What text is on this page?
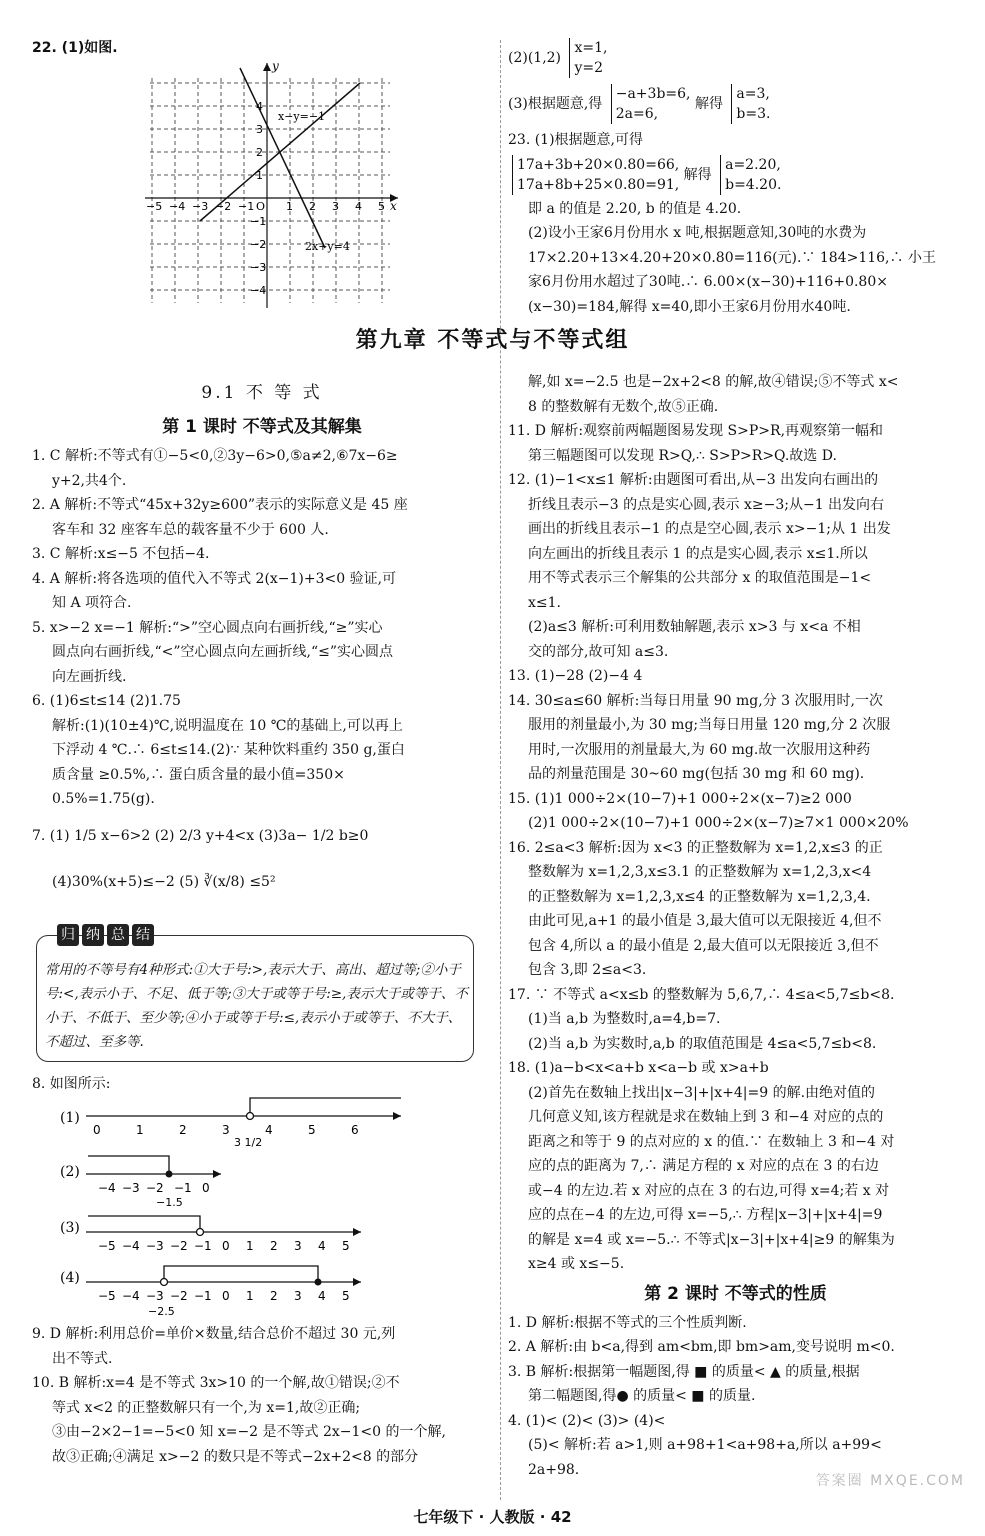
22. (1)如图.
y
x
O
x−y=−1
2x+y=4
−5 −4 −3 −2 −1	1 2 3 4 5
1
2
3
4
−1
−2
−3
−4
(2)(1,2) x=1,
y=2
(3)根据题意,得 −a+3b=6,
2a=6, 解得 a=3,
b=3.
23. (1)根据题意,可得
17a+3b+20×0.80=66,
17a+8b+25×0.80=91, 解得 a=2.20,
b=4.20.
即 a 的值是 2.20, b 的值是 4.20.
(2)设小王家6月份用水 x 吨,根据题意知,30吨的水费为
17×2.20+13×4.20+20×0.80=116(元).∵ 184>116,∴ 小王
家6月份用水超过了30吨.∴ 6.00×(x−30)+116+0.80×
(x−30)=184,解得 x=40,即小王家6月份用水40吨.
第九章 不等式与不等式组
9.1 不 等 式
第 1 课时 不等式及其解集
1. C 解析:不等式有①−5<0,②3y−6>0,⑤a≠2,⑥7x−6≥
y+2,共4个.
2. A 解析:不等式“45x+32y≥600”表示的实际意义是 45 座
客车和 32 座客车总的载客量不少于 600 人.
3. C 解析:x≤−5 不包括−4.
4. A 解析:将各选项的值代入不等式 2(x−1)+3<0 验证,可
知 A 项符合.
5. x>−2 x=−1 解析:“>”空心圆点向右画折线,“≥”实心
圆点向右画折线,“<”空心圆点向左画折线,“≤”实心圆点
向左画折线.
6. (1)6≤t≤14 (2)1.75
解析:(1)(10±4)℃,说明温度在 10 ℃的基础上,可以再上
下浮动 4 ℃.∴ 6≤t≤14.(2)∵ 某种饮料重约 350 g,蛋白
质含量 ≥0.5%,∴ 蛋白质含量的最小值=350×
0.5%=1.75(g).
7. (1) 1/5 x−6>2 (2) 2/3 y+4<x (3)3a− 1/2 b≥0
(4)30%(x+5)≤−2 (5) ∛(x/8) ≤5²
归 纳 总 结
常用的不等号有4种形式:①大于号:>,表示大于、高出、超过等;②小于号:<,表示小于、不足、低于等;③大于或等于号:≥,表示大于或等于、不小于、不低于、至少等;④小于或等于号:≤,表示小于或等于、不大于、不超过、至多等.
8. 如图所示:
(1)
0	1	2	3	4	5	6
3 1/2
(2)
−4 −3 −2 −1 0
−1.5
(3)
−5 −4 −3 −2 −1 0 1 2 3 4 5
(4)
−5 −4 −3 −2 −1 0 1 2 3 4 5
−2.5
9. D 解析:利用总价=单价×数量,结合总价不超过 30 元,列
出不等式.
10. B 解析:x=4 是不等式 3x>10 的一个解,故①错误;②不
等式 x<2 的正整数解只有一个,为 x=1,故②正确;
③由−2×2−1=−5<0 知 x=−2 是不等式 2x−1<0 的一个解,
故③正确;④满足 x>−2 的数只是不等式−2x+2<8 的部分
解,如 x=−2.5 也是−2x+2<8 的解,故④错误;⑤不等式 x<
8 的整数解有无数个,故⑤正确.
11. D 解析:观察前两幅题图易发现 S>P>R,再观察第一幅和
第三幅题图可以发现 R>Q,∴ S>P>R>Q.故选 D.
12. (1)−1<x≤1 解析:由题图可看出,从−3 出发向右画出的
折线且表示−3 的点是实心圆,表示 x≥−3;从−1 出发向右
画出的折线且表示−1 的点是空心圆,表示 x>−1;从 1 出发
向左画出的折线且表示 1 的点是实心圆,表示 x≤1.所以
用不等式表示三个解集的公共部分 x 的取值范围是−1<
x≤1.
(2)a≤3 解析:可利用数轴解题,表示 x>3 与 x<a 不相
交的部分,故可知 a≤3.
13. (1)−28 (2)−4 4
14. 30≤a≤60 解析:当每日用量 90 mg,分 3 次服用时,一次
服用的剂量最小,为 30 mg;当每日用量 120 mg,分 2 次服
用时,一次服用的剂量最大,为 60 mg.故一次服用这种药
品的剂量范围是 30~60 mg(包括 30 mg 和 60 mg).
15. (1)1 000÷2×(10−7)+1 000÷2×(x−7)≥2 000
(2)1 000÷2×(10−7)+1 000÷2×(x−7)≥7×1 000×20%
16. 2≤a<3 解析:因为 x<3 的正整数解为 x=1,2,x≤3 的正
整数解为 x=1,2,3,x≤3.1 的正整数解为 x=1,2,3,x<4
的正整数解为 x=1,2,3,x≤4 的正整数解为 x=1,2,3,4.
由此可见,a+1 的最小值是 3,最大值可以无限接近 4,但不
包含 4,所以 a 的最小值是 2,最大值可以无限接近 3,但不
包含 3,即 2≤a<3.
17. ∵ 不等式 a<x≤b 的整数解为 5,6,7,∴ 4≤a<5,7≤b<8.
(1)当 a,b 为整数时,a=4,b=7.
(2)当 a,b 为实数时,a,b 的取值范围是 4≤a<5,7≤b<8.
18. (1)a−b<x<a+b x<a−b 或 x>a+b
(2)首先在数轴上找出|x−3|+|x+4|=9 的解.由绝对值的
几何意义知,该方程就是求在数轴上到 3 和−4 对应的点的
距离之和等于 9 的点对应的 x 的值.∵ 在数轴上 3 和−4 对
应的点的距离为 7,∴ 满足方程的 x 对应的点在 3 的右边
或−4 的左边.若 x 对应的点在 3 的右边,可得 x=4;若 x 对
应的点在−4 的左边,可得 x=−5,∴ 方程|x−3|+|x+4|=9
的解是 x=4 或 x=−5.∴ 不等式|x−3|+|x+4|≥9 的解集为
x≥4 或 x≤−5.
第 2 课时 不等式的性质
1. D 解析:根据不等式的三个性质判断.
2. A 解析:由 b<a,得到 am<bm,即 bm>am,变号说明 m<0.
3. B 解析:根据第一幅题图,得 ■ 的质量< ▲ 的质量,根据
第二幅题图,得● 的质量< ■ 的质量.
4. (1)< (2)< (3)> (4)<
(5)< 解析:若 a>1,则 a+98+1<a+98+a,所以 a+99<
2a+98.
答案圈 MXQE.COM
七年级下 · 人教版 · 42
